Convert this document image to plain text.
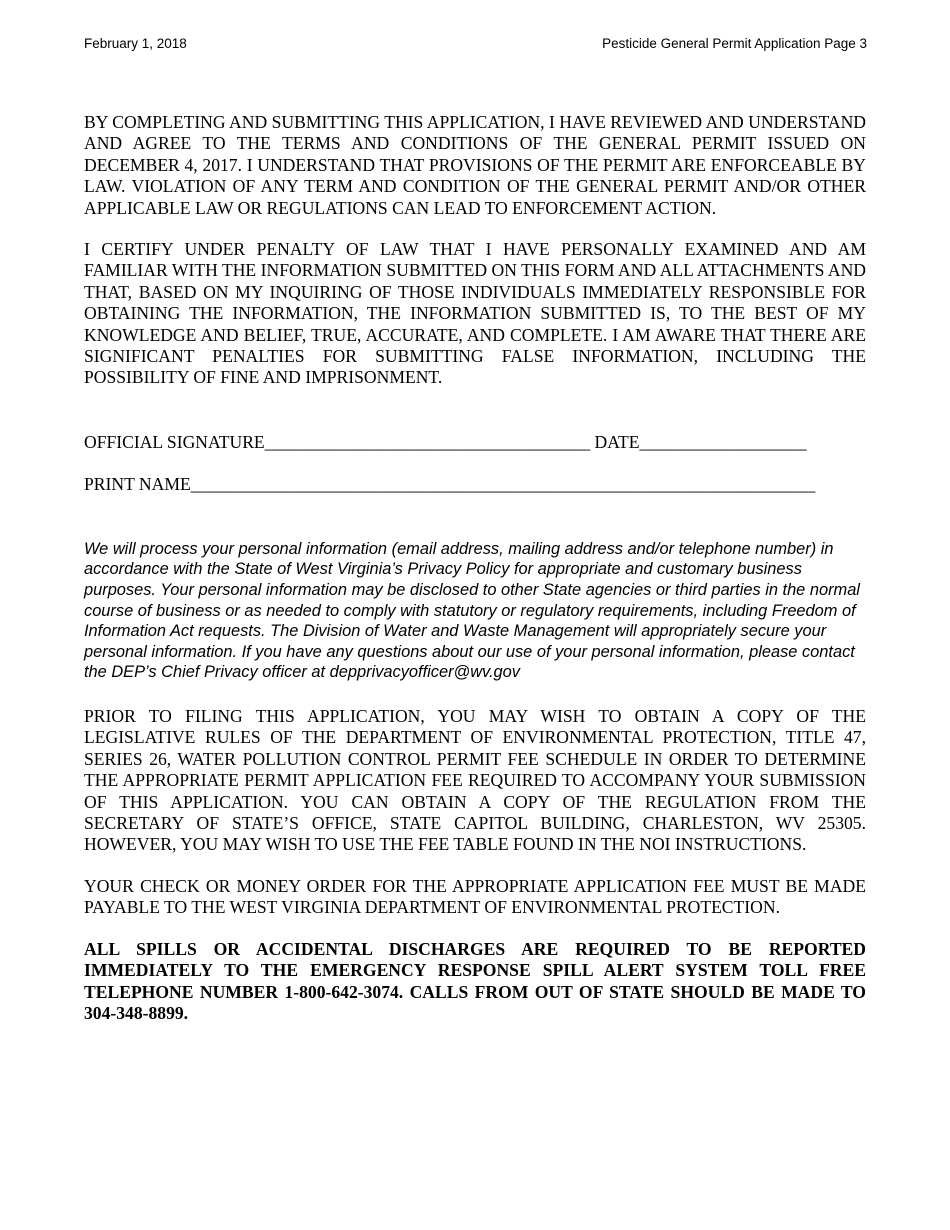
February 1, 2018	Pesticide General Permit Application Page 3

BY COMPLETING AND SUBMITTING THIS APPLICATION, I HAVE REVIEWED AND UNDERSTAND AND AGREE TO THE TERMS AND CONDITIONS OF THE GENERAL PERMIT ISSUED ON DECEMBER 4, 2017. I UNDERSTAND THAT PROVISIONS OF THE PERMIT ARE ENFORCEABLE BY LAW. VIOLATION OF ANY TERM AND CONDITION OF THE GENERAL PERMIT AND/OR OTHER APPLICABLE LAW OR REGULATIONS CAN LEAD TO ENFORCEMENT ACTION.

I CERTIFY UNDER PENALTY OF LAW THAT I HAVE PERSONALLY EXAMINED AND AM FAMILIAR WITH THE INFORMATION SUBMITTED ON THIS FORM AND ALL ATTACHMENTS AND THAT, BASED ON MY INQUIRING OF THOSE INDIVIDUALS IMMEDIATELY RESPONSIBLE FOR OBTAINING THE INFORMATION, THE INFORMATION SUBMITTED IS, TO THE BEST OF MY KNOWLEDGE AND BELIEF, TRUE, ACCURATE, AND COMPLETE. I AM AWARE THAT THERE ARE SIGNIFICANT PENALTIES FOR SUBMITTING FALSE INFORMATION, INCLUDING THE POSSIBILITY OF FINE AND IMPRISONMENT.

OFFICIAL SIGNATURE_____________________________________ DATE___________________

PRINT NAME_______________________________________________________________________

We will process your personal information (email address, mailing address and/or telephone number) in accordance with the State of West Virginia’s Privacy Policy for appropriate and customary business purposes. Your personal information may be disclosed to other State agencies or third parties in the normal course of business or as needed to comply with statutory or regulatory requirements, including Freedom of Information Act requests. The Division of Water and Waste Management will appropriately secure your personal information. If you have any questions about our use of your personal information, please contact the DEP’s Chief Privacy officer at depprivacyofficer@wv.gov

PRIOR TO FILING THIS APPLICATION, YOU MAY WISH TO OBTAIN A COPY OF THE LEGISLATIVE RULES OF THE DEPARTMENT OF ENVIRONMENTAL PROTECTION, TITLE 47, SERIES 26, WATER POLLUTION CONTROL PERMIT FEE SCHEDULE IN ORDER TO DETERMINE THE APPROPRIATE PERMIT APPLICATION FEE REQUIRED TO ACCOMPANY YOUR SUBMISSION OF THIS APPLICATION. YOU CAN OBTAIN A COPY OF THE REGULATION FROM THE SECRETARY OF STATE’S OFFICE, STATE CAPITOL BUILDING, CHARLESTON, WV 25305. HOWEVER, YOU MAY WISH TO USE THE FEE TABLE FOUND IN THE NOI INSTRUCTIONS.

YOUR CHECK OR MONEY ORDER FOR THE APPROPRIATE APPLICATION FEE MUST BE MADE PAYABLE TO THE WEST VIRGINIA DEPARTMENT OF ENVIRONMENTAL PROTECTION.

ALL SPILLS OR ACCIDENTAL DISCHARGES ARE REQUIRED TO BE REPORTED IMMEDIATELY TO THE EMERGENCY RESPONSE SPILL ALERT SYSTEM TOLL FREE TELEPHONE NUMBER 1-800-642-3074. CALLS FROM OUT OF STATE SHOULD BE MADE TO 304-348-8899.
